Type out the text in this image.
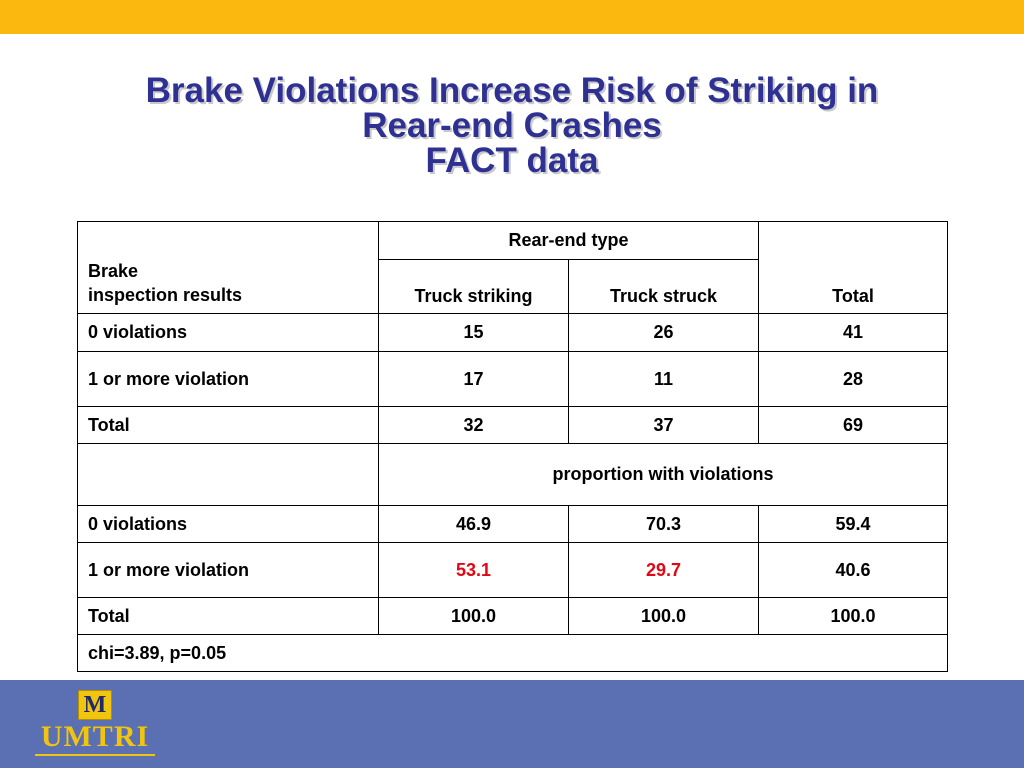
Brake Violations Increase Risk of Striking in
Rear-end Crashes
FACT data
Brake
inspection results	Rear-end type		Total
	Truck striking	Truck struck	
0 violations	15	26	41
1 or more violation	17	11	28
Total	32	37	69
	proportion with violations		
0 violations	46.9	70.3	59.4
1 or more violation	53.1	29.7	40.6
Total	100.0	100.0	100.0
chi=3.89, p=0.05			
M
UMTRI
